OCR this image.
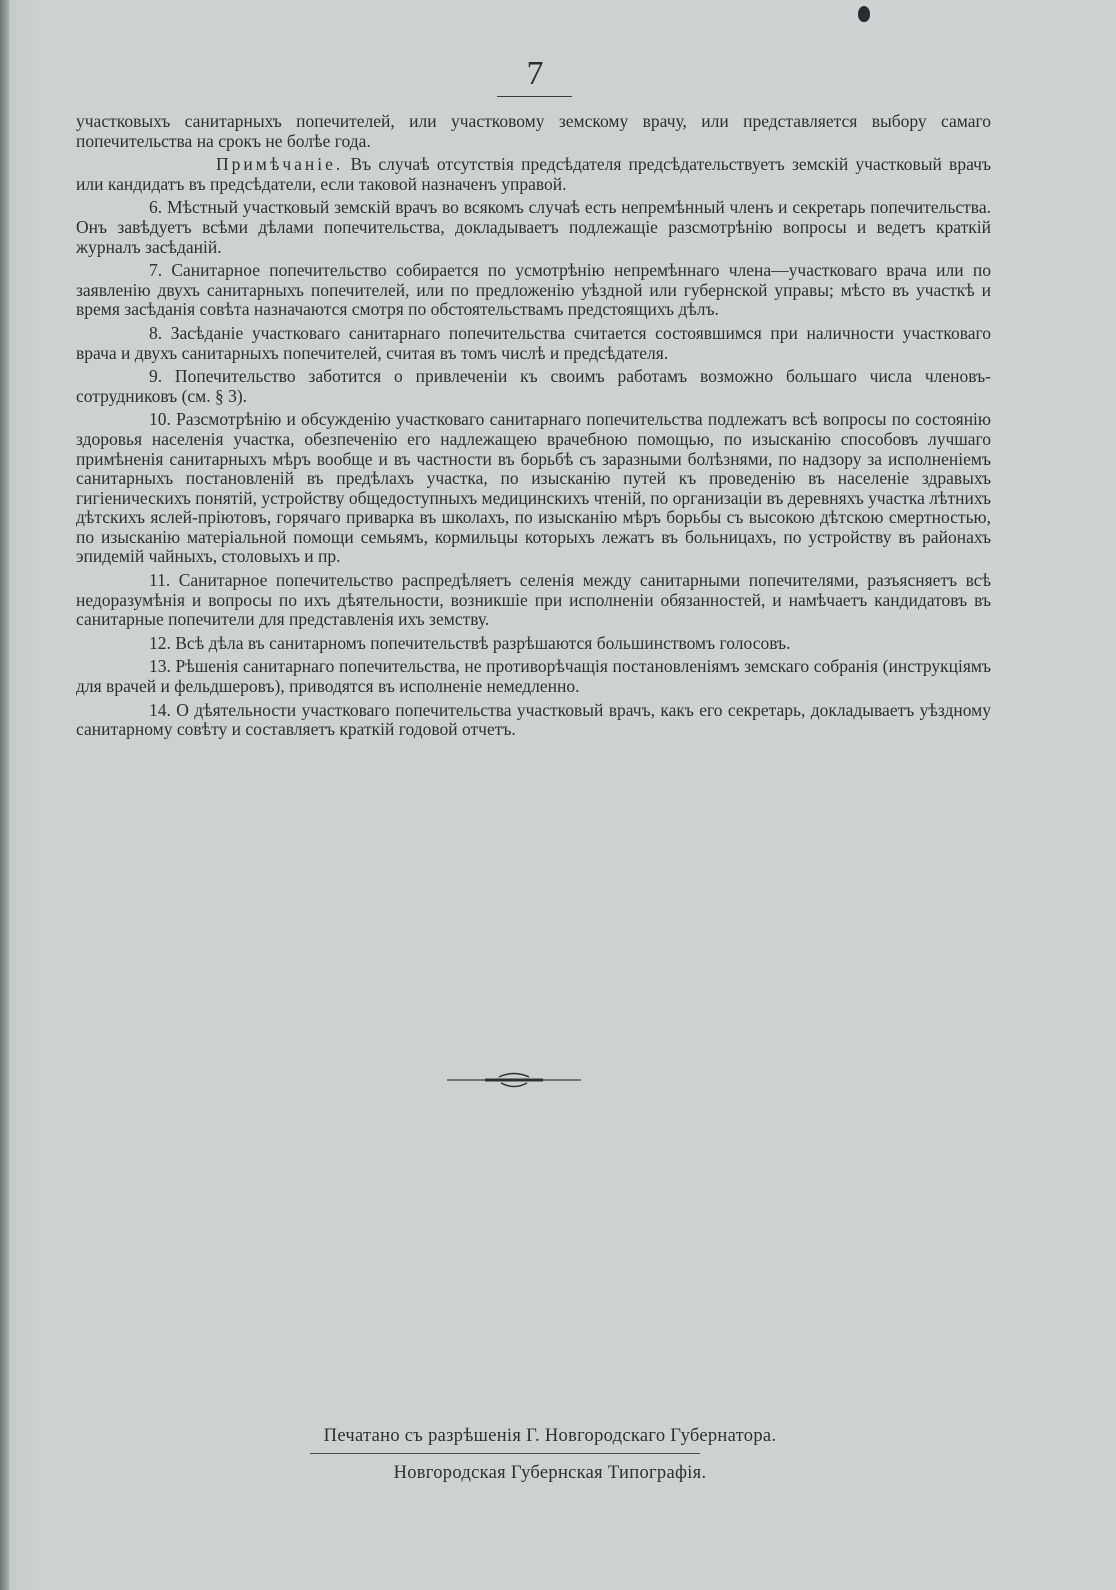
7

участковыхъ санитарныхъ попечителей, или участковому земскому врачу, или представляется выбору самаго попечительства на срокъ не болѣе года.

Примѣчаніе. Въ случаѣ отсутствія предсѣдателя предсѣдательствуетъ земскій участковый врачъ или кандидатъ въ предсѣдатели, если таковой назначенъ управой.

6. Мѣстный участковый земскій врачъ во всякомъ случаѣ есть непремѣнный членъ и секретарь попечительства. Онъ завѣдуетъ всѣми дѣлами попечительства, докладываетъ подлежащіе разсмотрѣнію вопросы и ведетъ краткій журналъ засѣданій.

7. Санитарное попечительство собирается по усмотрѣнію непремѣннаго члена—участковаго врача или по заявленію двухъ санитарныхъ попечителей, или по предложенію уѣздной или губернской управы; мѣсто въ участкѣ и время засѣданія совѣта назначаются смотря по обстоятельствамъ предстоящихъ дѣлъ.

8. Засѣданіе участковаго санитарнаго попечительства считается состоявшимся при наличности участковаго врача и двухъ санитарныхъ попечителей, считая въ томъ числѣ и предсѣдателя.

9. Попечительство заботится о привлеченіи къ своимъ работамъ возможно большаго числа членовъ-сотрудниковъ (см. § 3).

10. Разсмотрѣнію и обсужденію участковаго санитарнаго попечительства подлежатъ всѣ вопросы по состоянію здоровья населенія участка, обезпеченію его надлежащею врачебною помощью, по изысканію способовъ лучшаго примѣненія санитарныхъ мѣръ вообще и въ частности въ борьбѣ съ заразными болѣзнями, по надзору за исполненіемъ санитарныхъ постановленій въ предѣлахъ участка, по изысканію путей къ проведенію въ населеніе здравыхъ гигіеническихъ понятій, устройству общедоступныхъ медицинскихъ чтеній, по организаціи въ деревняхъ участка лѣтнихъ дѣтскихъ яслей-пріютовъ, горячаго приварка въ школахъ, по изысканію мѣръ борьбы съ высокою дѣтскою смертностью, по изысканію матеріальной помощи семьямъ, кормильцы которыхъ лежатъ въ больницахъ, по устройству въ районахъ эпидемій чайныхъ, столовыхъ и пр.

11. Санитарное попечительство распредѣляетъ селенія между санитарными попечителями, разъясняетъ всѣ недоразумѣнія и вопросы по ихъ дѣятельности, возникшіе при исполненіи обязанностей, и намѣчаетъ кандидатовъ въ санитарные попечители для представленія ихъ земству.

12. Всѣ дѣла въ санитарномъ попечительствѣ разрѣшаются большинствомъ голосовъ.

13. Рѣшенія санитарнаго попечительства, не противорѣчащія постановленіямъ земскаго собранія (инструкціямъ для врачей и фельдшеровъ), приводятся въ исполненіе немедленно.

14. О дѣятельности участковаго попечительства участковый врачъ, какъ его секретарь, докладываетъ уѣздному санитарному совѣту и составляетъ краткій годовой отчетъ.

Печатано съ разрѣшенія Г. Новгородскаго Губернатора.
Новгородская Губернская Типографія.
